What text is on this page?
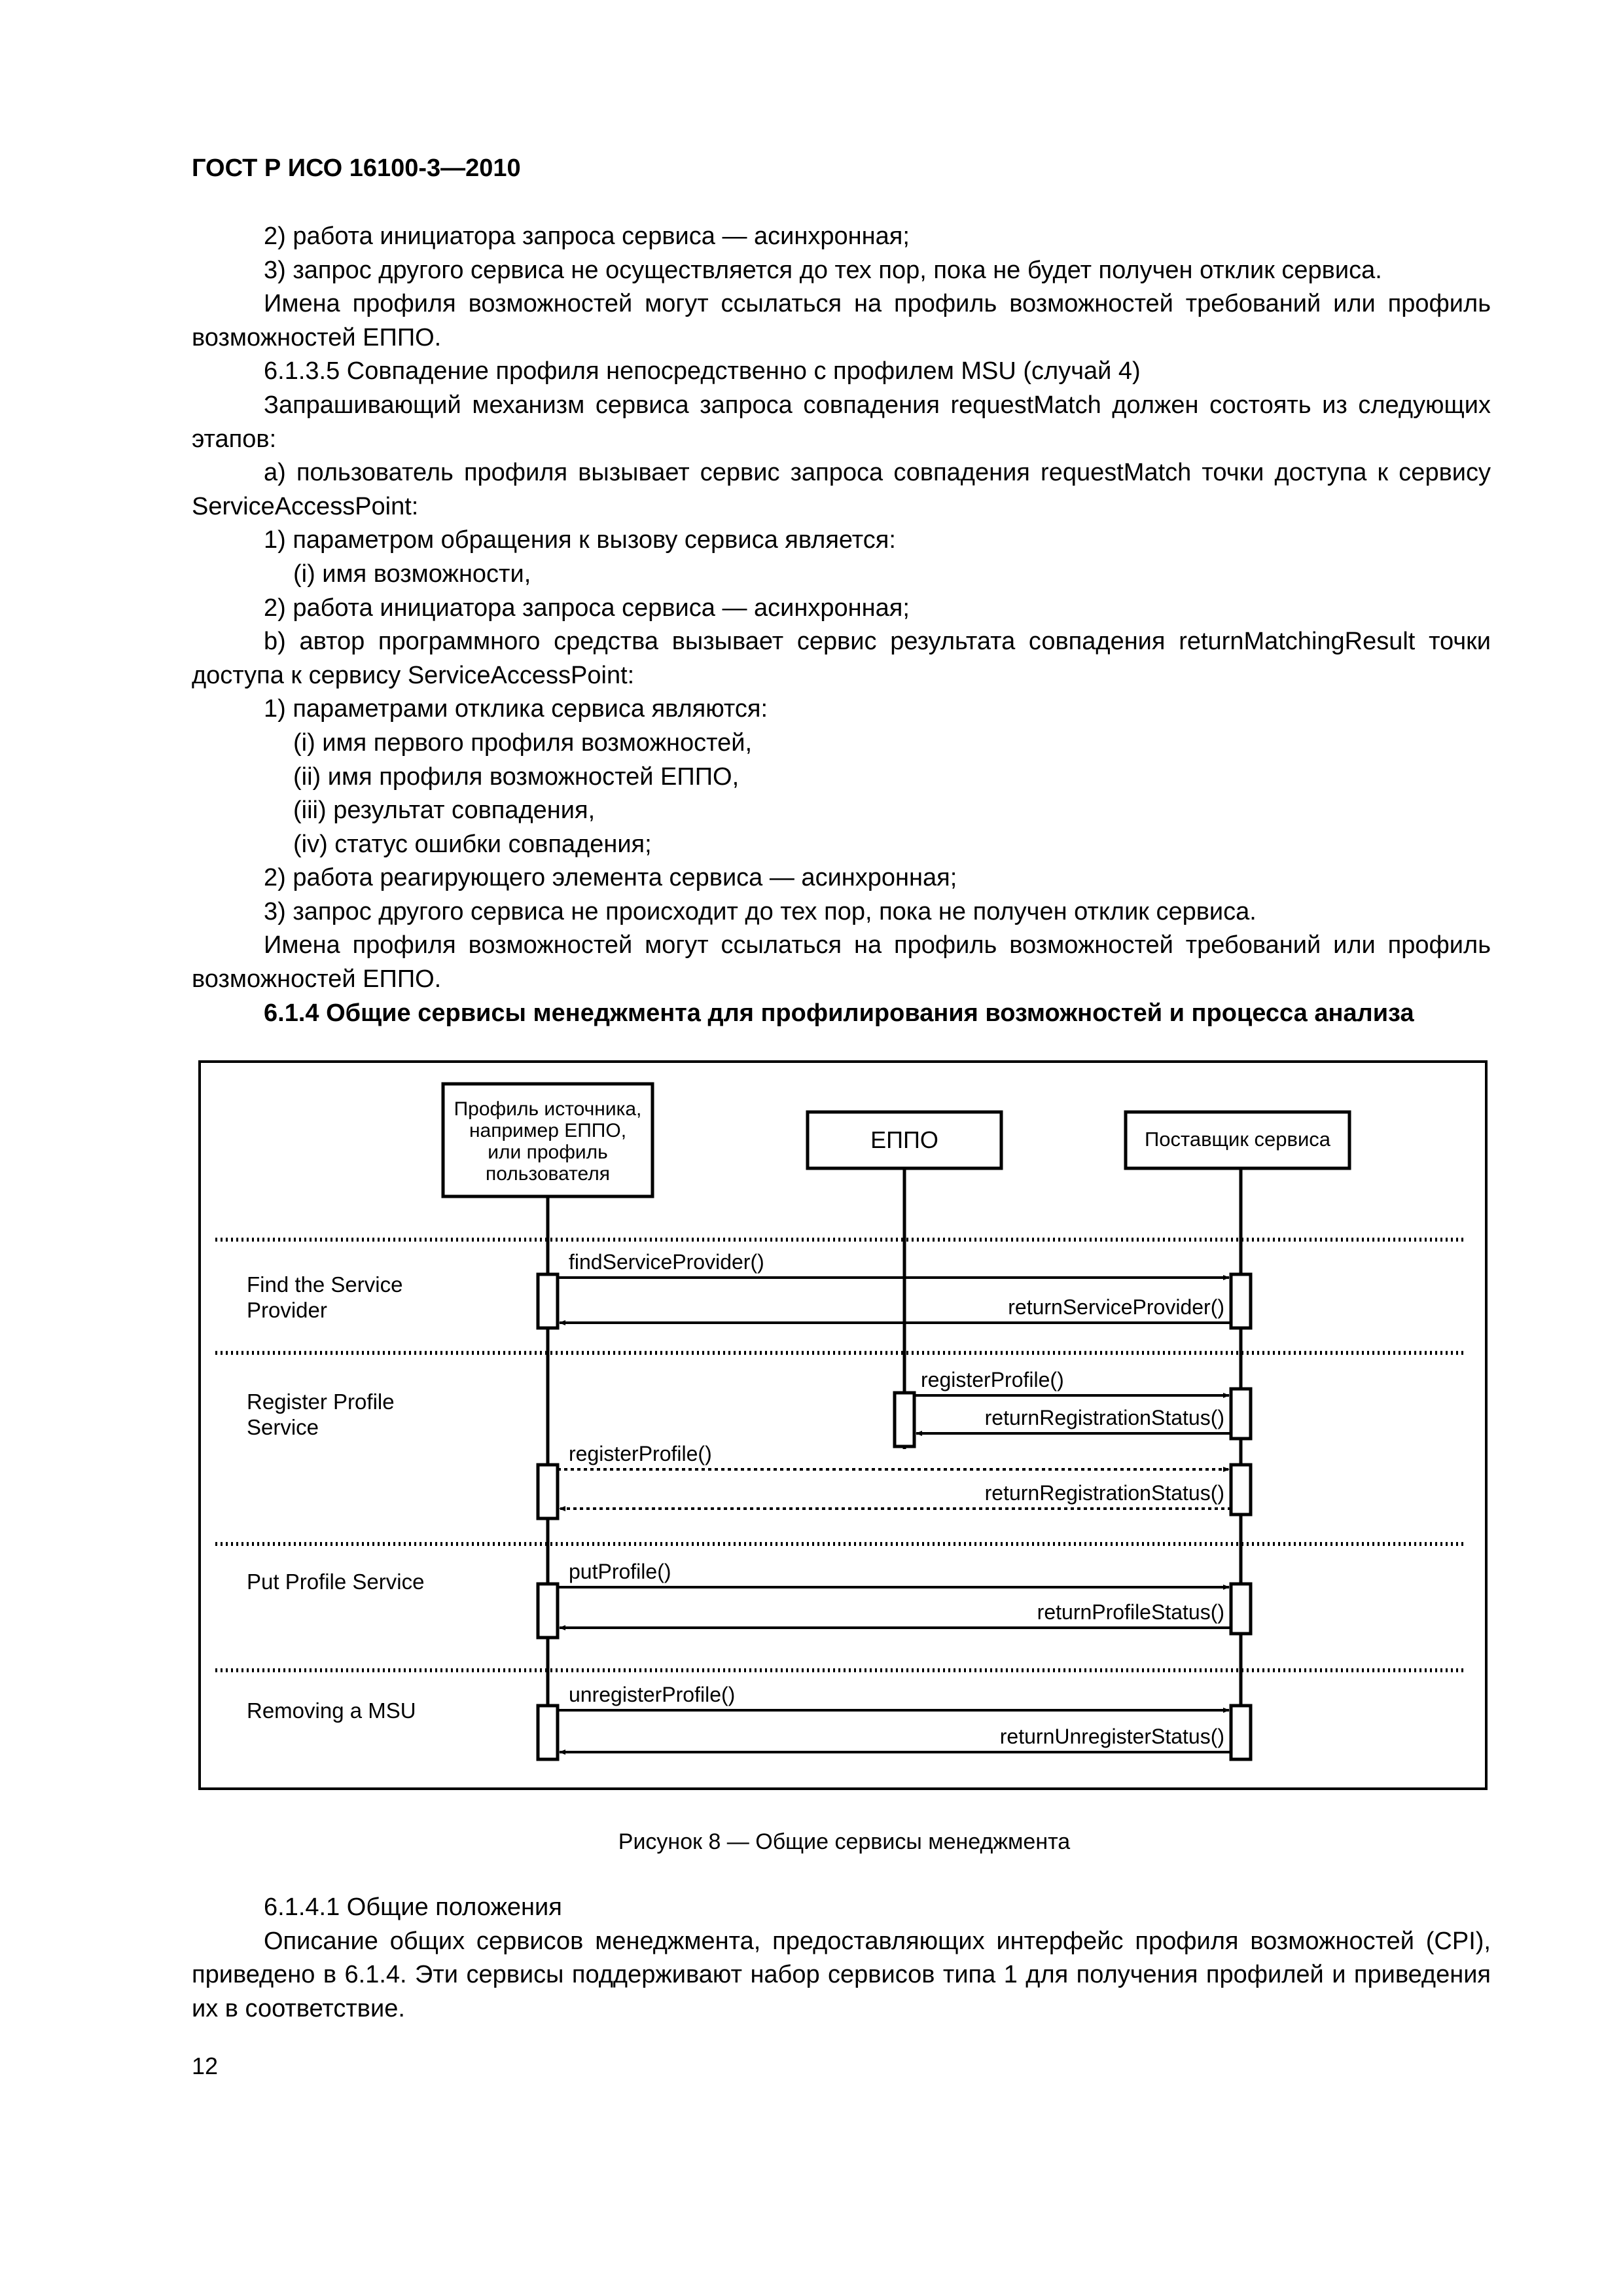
ГОСТ Р ИСО 16100-3—2010

2) работа инициатора запроса сервиса — асинхронная;

3) запрос другого сервиса не осуществляется до тех пор, пока не будет получен отклик сервиса.

Имена профиля возможностей могут ссылаться на профиль возможностей требований или профиль возможностей ЕППО.

6.1.3.5 Совпадение профиля непосредственно с профилем MSU (случай 4)

Запрашивающий механизм сервиса запроса совпадения requestMatch должен состоять из следующих этапов:

а) пользователь профиля вызывает сервис запроса совпадения requestMatch точки доступа к сервису ServiceAccessPoint:

1) параметром обращения к вызову сервиса является:

(i) имя возможности,

2) работа инициатора запроса сервиса — асинхронная;

b) автор программного средства вызывает сервис результата совпадения returnMatchingResult точки доступа к сервису ServiceAccessPoint:

1) параметрами отклика сервиса являются:

(i) имя первого профиля возможностей,

(ii) имя профиля возможностей ЕППО,

(iii) результат совпадения,

(iv) статус ошибки совпадения;

2) работа реагирующего элемента сервиса — асинхронная;

3) запрос другого сервиса не происходит до тех пор, пока не получен отклик сервиса.

Имена профиля возможностей могут ссылаться на профиль возможностей требований или профиль возможностей ЕППО.

6.1.4 Общие сервисы менеджмента для профилирования возможностей и процесса анализа

Профиль источника,
например ЕППО,
или профиль
пользователя
ЕППО	Поставщик сервиса
Find the Service
Provider
Register Profile
Service
Put Profile Service
Removing a MSU
findServiceProvider()
returnServiceProvider()
registerProfile()
returnRegistrationStatus()
registerProfile()
returnRegistrationStatus()
putProfile()
returnProfileStatus()
unregisterProfile()
returnUnregisterStatus()
Рисунок 8 — Общие сервисы менеджмента

6.1.4.1 Общие положения

Описание общих сервисов менеджмента, предоставляющих интерфейс профиля возможностей (CPI), приведено в 6.1.4. Эти сервисы поддерживают набор сервисов типа 1 для получения профилей и приведения их в соответствие.

12
